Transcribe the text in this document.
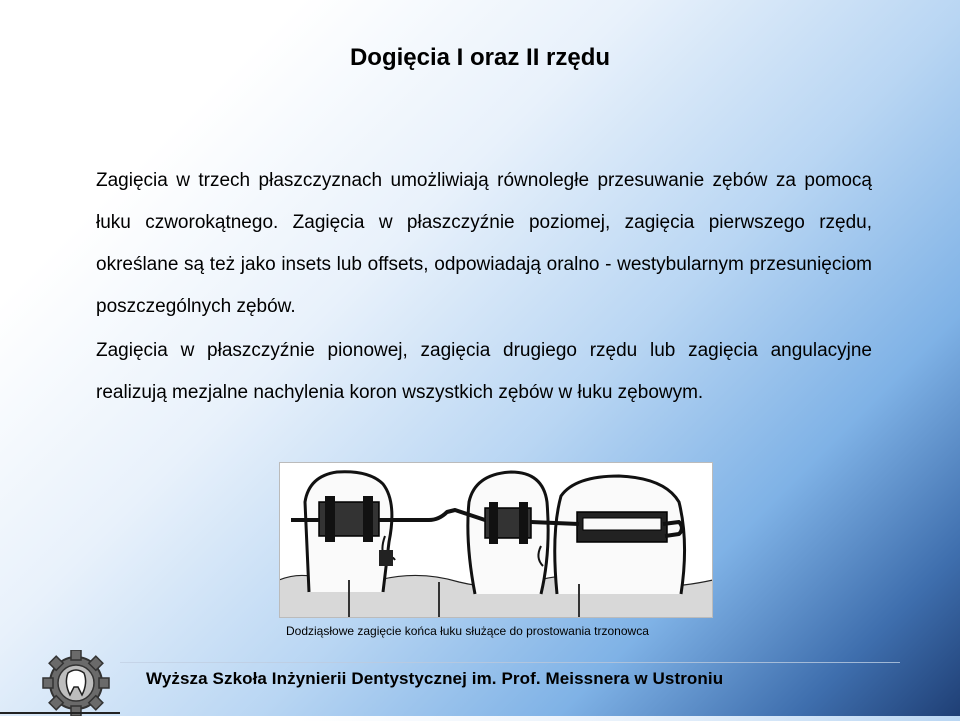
Dogięcia I oraz II rzędu
Zagięcia w trzech płaszczyznach umożliwiają równoległe przesuwanie zębów za pomocą łuku czworokątnego. Zagięcia w płaszczyźnie poziomej, zagięcia pierwszego rzędu, określane są też jako insets lub offsets, odpowiadają oralno - westybularnym przesunięciom poszczególnych zębów.
Zagięcia w płaszczyźnie pionowej, zagięcia drugiego rzędu lub zagięcia angulacyjne realizują mezjalne nachylenia koron wszystkich zębów w łuku zębowym.
Dodziąsłowe zagięcie końca łuku służące do prostowania trzonowca
Wyższa Szkoła Inżynierii Dentystycznej im. Prof. Meissnera w Ustroniu
